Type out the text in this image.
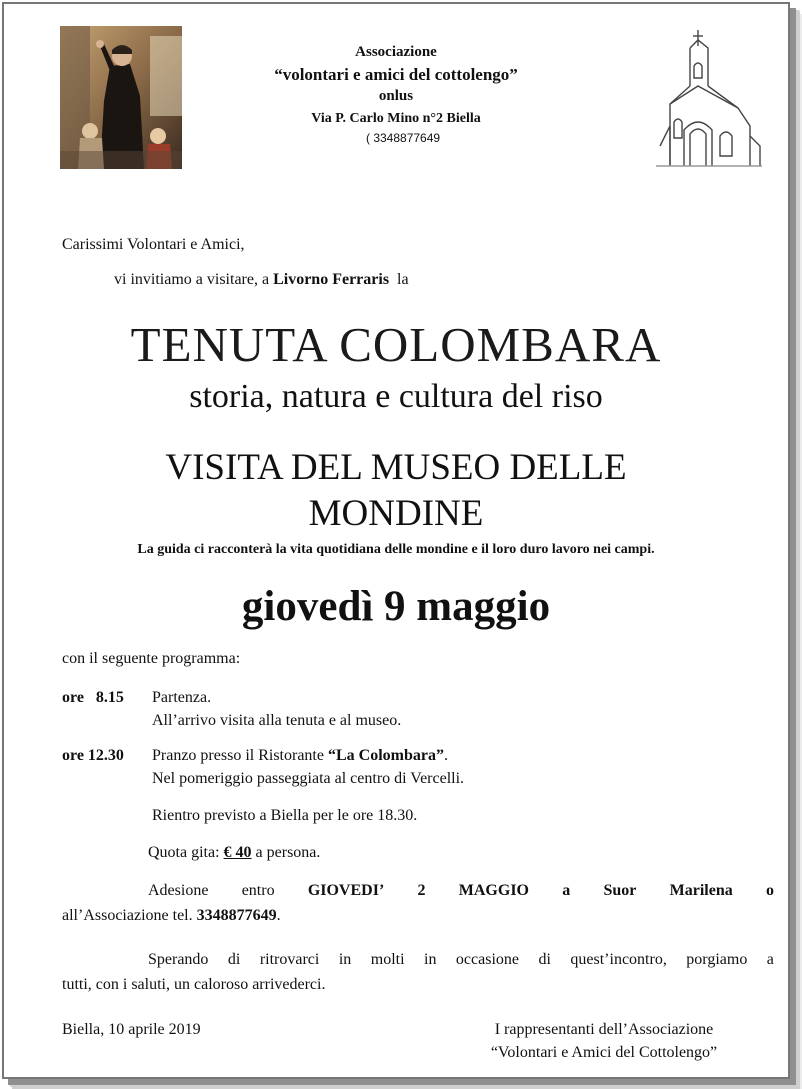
Associazione
“volontari e amici del cottolengo”
onlus
Via P. Carlo Mino n°2 Biella
( 3348877649
Carissimi Volontari e Amici,
vi invitiamo a visitare, a Livorno Ferraris  la
TENUTA COLOMBARA
storia, natura e cultura del riso
VISITA DEL MUSEO DELLE
MONDINE
La guida ci racconterà la vita quotidiana delle mondine e il loro duro lavoro nei campi.
giovedì 9 maggio
con il seguente programma:
ore   8.15 Partenza.
All’arrivo visita alla tenuta e al museo.
ore 12.30 Pranzo presso il Ristorante “La Colombara”.
Nel pomeriggio passeggiata al centro di Vercelli.
Rientro previsto a Biella per le ore 18.30.
Quota gita: € 40 a persona.
Adesione entro GIOVEDI’ 2 MAGGIO a Suor Marilena o
all’Associazione tel. 3348877649.
Sperando di ritrovarci in molti in occasione di quest’incontro, porgiamo a
tutti, con i saluti, un caloroso arrivederci.
Biella, 10 aprile 2019	I rappresentanti dell’Associazione
“Volontari e Amici del Cottolengo”
